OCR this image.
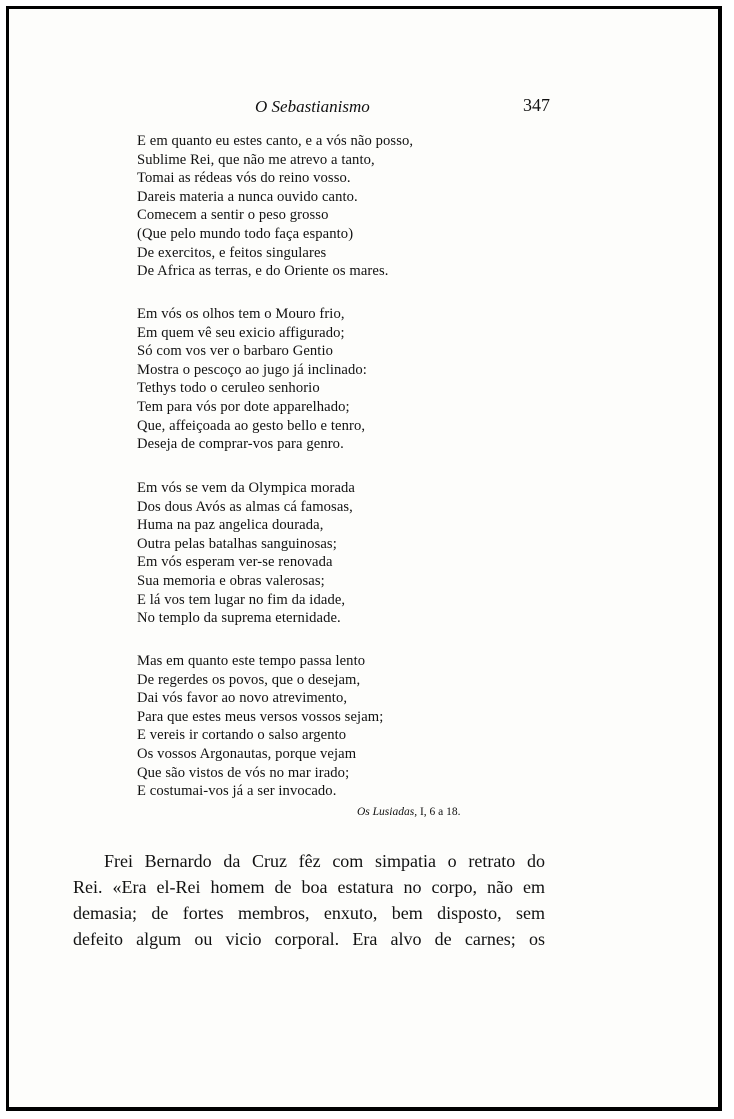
O Sebastianismo	347
E em quanto eu estes canto, e a vós não posso,
Sublime Rei, que não me atrevo a tanto,
Tomai as rédeas vós do reino vosso.
Dareis materia a nunca ouvido canto.
Comecem a sentir o peso grosso
(Que pelo mundo todo faça espanto)
De exercitos, e feitos singulares
De Africa as terras, e do Oriente os mares.
Em vós os olhos tem o Mouro frio,
Em quem vê seu exicio affigurado;
Só com vos ver o barbaro Gentio
Mostra o pescoço ao jugo já inclinado:
Tethys todo o ceruleo senhorio
Tem para vós por dote apparelhado;
Que, affeiçoada ao gesto bello e tenro,
Deseja de comprar-vos para genro.
Em vós se vem da Olympica morada
Dos dous Avós as almas cá famosas,
Huma na paz angelica dourada,
Outra pelas batalhas sanguinosas;
Em vós esperam ver-se renovada
Sua memoria e obras valerosas;
E lá vos tem lugar no fim da idade,
No templo da suprema eternidade.
Mas em quanto este tempo passa lento
De regerdes os povos, que o desejam,
Dai vós favor ao novo atrevimento,
Para que estes meus versos vossos sejam;
E vereis ir cortando o salso argento
Os vossos Argonautas, porque vejam
Que são vistos de vós no mar irado;
E costumai-vos já a ser invocado.
Os Lusiadas, I, 6 a 18.
Frei Bernardo da Cruz fêz com simpatia o retrato do
Rei. «Era el-Rei homem de boa estatura no corpo, não em
demasia; de fortes membros, enxuto, bem disposto, sem
defeito algum ou vicio corporal. Era alvo de carnes; os
